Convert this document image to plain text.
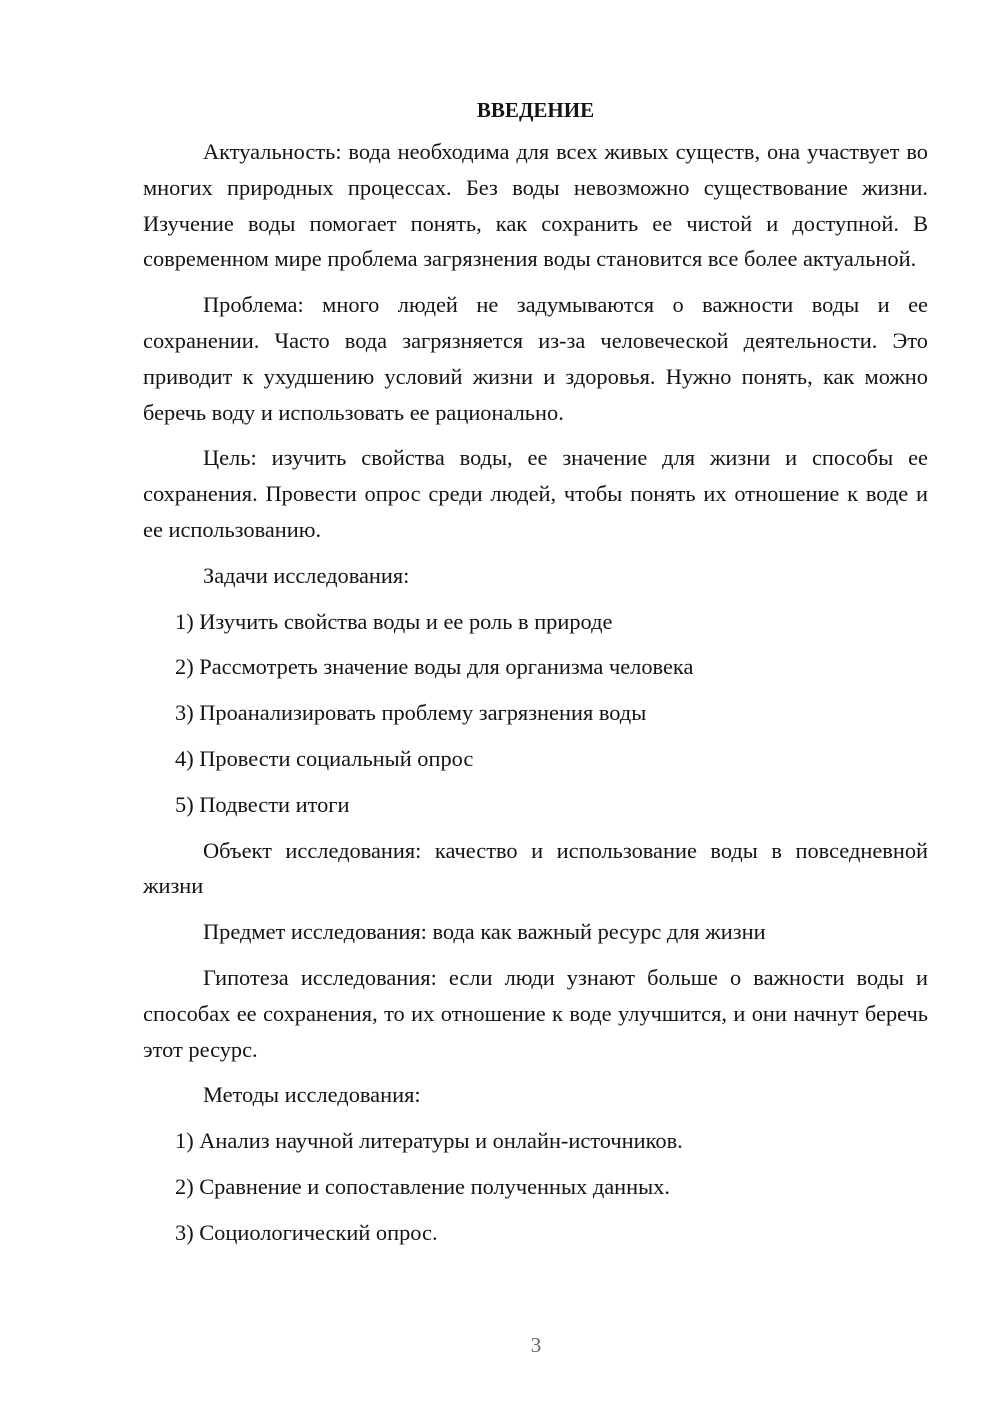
ВВЕДЕНИЕ

Актуальность: вода необходима для всех живых существ, она участвует во многих природных процессах. Без воды невозможно существование жизни. Изучение воды помогает понять, как сохранить ее чистой и доступной. В современном мире проблема загрязнения воды становится все более актуальной.

Проблема: много людей не задумываются о важности воды и ее сохранении. Часто вода загрязняется из-за человеческой деятельности. Это приводит к ухудшению условий жизни и здоровья. Нужно понять, как можно беречь воду и использовать ее рационально.

Цель: изучить свойства воды, ее значение для жизни и способы ее сохранения. Провести опрос среди людей, чтобы понять их отношение к воде и ее использованию.

Задачи исследования:

1) Изучить свойства воды и ее роль в природе

2) Рассмотреть значение воды для организма человека

3) Проанализировать проблему загрязнения воды

4) Провести социальный опрос

5) Подвести итоги

Объект исследования: качество и использование воды в повседневной жизни

Предмет исследования: вода как важный ресурс для жизни

Гипотеза исследования: если люди узнают больше о важности воды и способах ее сохранения, то их отношение к воде улучшится, и они начнут беречь этот ресурс.

Методы исследования:

1) Анализ научной литературы и онлайн-источников.

2) Сравнение и сопоставление полученных данных.

3) Социологический опрос.

3
